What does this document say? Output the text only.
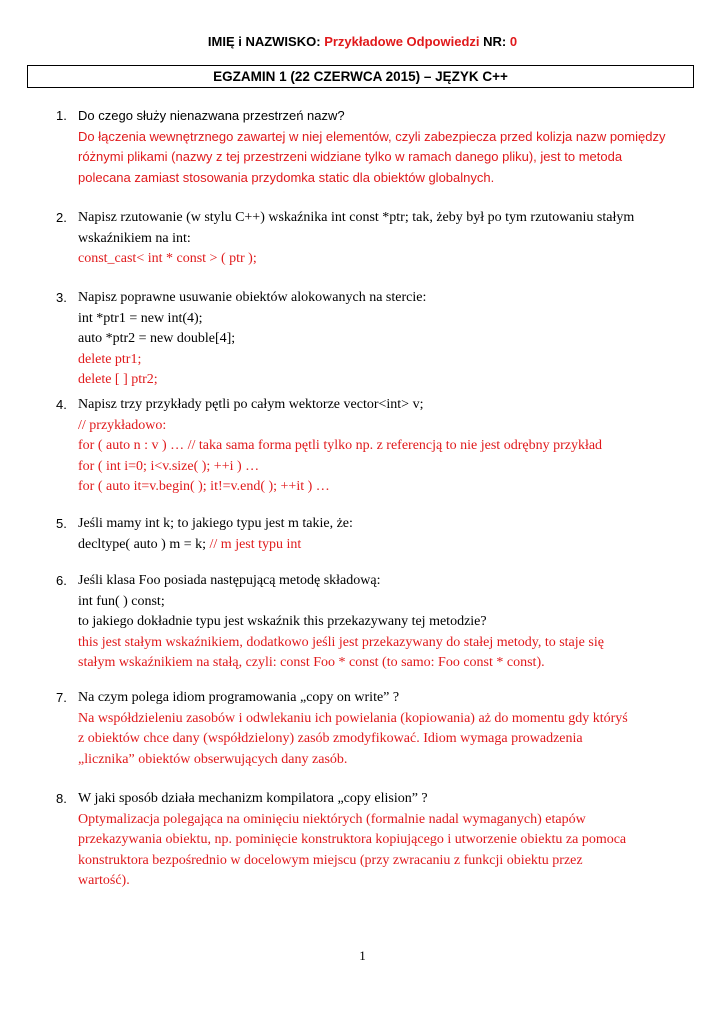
IMIĘ i NAZWISKO: Przykładowe Odpowiedzi NR: 0
EGZAMIN 1 (22 CZERWCA 2015) – JĘZYK C++
1. Do czego służy nienazwana przestrzeń nazw?
Do łączenia wewnętrznego zawartej w niej elementów, czyli zabezpiecza przed kolizja nazw pomiędzy
różnymi plikami (nazwy z tej przestrzeni widziane tylko w ramach danego pliku), jest to metoda
polecana zamiast stosowania przydomka static dla obiektów globalnych.
2. Napisz rzutowanie (w stylu C++) wskaźnika int const *ptr; tak, żeby był po tym rzutowaniu stałym
wskaźnikiem na int:
const_cast< int * const > ( ptr );
3. Napisz poprawne usuwanie obiektów alokowanych na stercie:
int *ptr1 = new int(4);
auto *ptr2 = new double[4];
delete ptr1;
delete [ ] ptr2;
4. Napisz trzy przykłady pętli po całym wektorze vector<int> v;
// przykładowo:
for ( auto n : v ) … // taka sama forma pętli tylko np. z referencją to nie jest odrębny przykład
for ( int i=0; i<v.size( ); ++i ) …
for ( auto it=v.begin( ); it!=v.end( ); ++it ) …
5. Jeśli mamy int k; to jakiego typu jest m takie, że:
decltype( auto ) m = k; // m jest typu int
6. Jeśli klasa Foo posiada następującą metodę składową:
int fun( ) const;
to jakiego dokładnie typu jest wskaźnik this przekazywany tej metodzie?
this jest stałym wskaźnikiem, dodatkowo jeśli jest przekazywany do stałej metody, to staje się
stałym wskaźnikiem na stałą, czyli: const Foo * const (to samo: Foo const * const).
7. Na czym polega idiom programowania „copy on write” ?
Na współdzieleniu zasobów i odwlekaniu ich powielania (kopiowania) aż do momentu gdy któryś
z obiektów chce dany (współdzielony) zasób zmodyfikować. Idiom wymaga prowadzenia
„licznika” obiektów obserwujących dany zasób.
8. W jaki sposób działa mechanizm kompilatora „copy elision” ?
Optymalizacja polegająca na ominięciu niektórych (formalnie nadal wymaganych) etapów
przekazywania obiektu, np. pominięcie konstruktora kopiującego i utworzenie obiektu za pomoca
konstruktora bezpośrednio w docelowym miejscu (przy zwracaniu z funkcji obiektu przez
wartość).
1
